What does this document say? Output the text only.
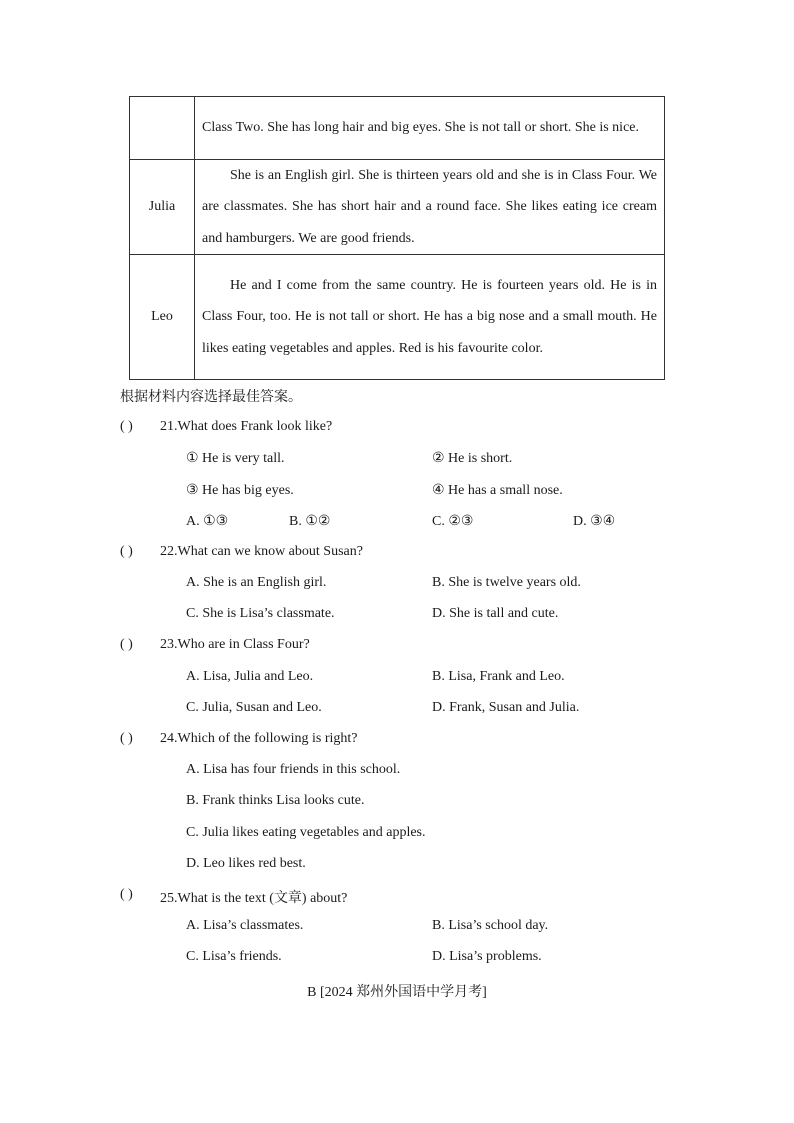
	Class Two. She has long hair and big eyes. She is not tall or short. She is nice.
Julia	She is an English girl. She is thirteen years old and she is in Class Four. We are classmates. She has short hair and a round face. She likes eating ice cream and hamburgers. We are good friends.
Leo	He and I come from the same country. He is fourteen years old. He is in Class Four, too. He is not tall or short. He has a big nose and a small mouth. He likes eating vegetables and apples. Red is his favourite color.
根据材料内容选择最佳答案。
( ) 21.What does Frank look like?
① He is very tall.	② He is short.
③ He has big eyes.	④ He has a small nose.
A. ①③	B. ①②	C. ②③	D. ③④
( ) 22.What can we know about Susan?
A. She is an English girl.	B. She is twelve years old.
C. She is Lisa’s classmate.	D. She is tall and cute.
( ) 23.Who are in Class Four?
A. Lisa, Julia and Leo.	B. Lisa, Frank and Leo.
C. Julia, Susan and Leo.	D. Frank, Susan and Julia.
( ) 24.Which of the following is right?
A. Lisa has four friends in this school.
B. Frank thinks Lisa looks cute.
C. Julia likes eating vegetables and apples.
D. Leo likes red best.
( ) 25.What is the text (文章) about?
A. Lisa’s classmates.	B. Lisa’s school day.
C. Lisa’s friends.	D. Lisa’s problems.
B [2024 郑州外国语中学月考]
